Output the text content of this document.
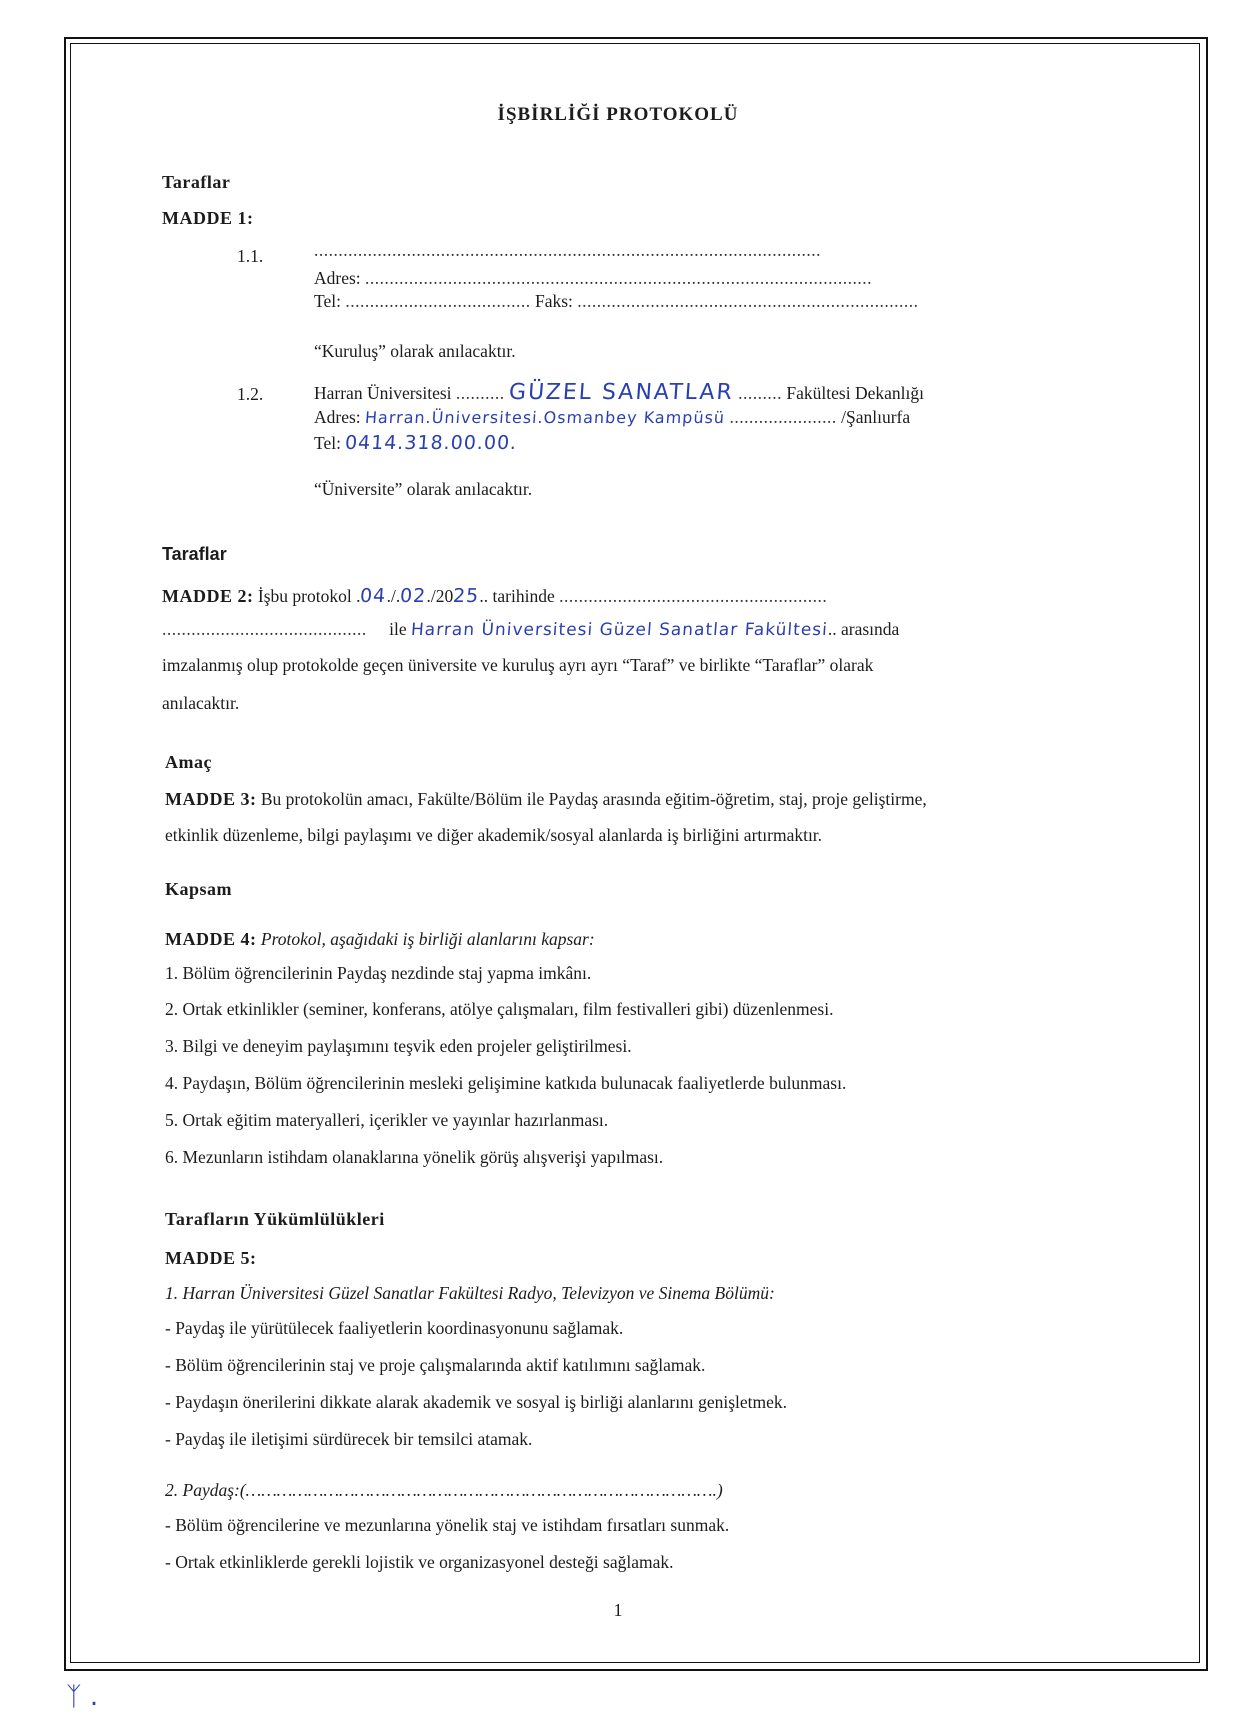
İŞBİRLİĞİ PROTOKOLÜ
Taraflar
MADDE 1:
1.1.	........................................................................................................
Adres: ........................................................................................................
Tel: ...................................... Faks: ......................................................................
“Kuruluş” olarak anılacaktır.
1.2.	Harran Üniversitesi .......... GÜZEL SANATLAR ......... Fakültesi Dekanlığı
Adres: Harran.Üniversitesi.Osmanbey Kampüsü ...................... /Şanlıurfa
Tel: 0414.318.00.00.
“Üniversite” olarak anılacaktır.
Taraflar
MADDE 2: İşbu protokol .04./.02./2025.. tarihinde .......................................................
.......................................... ile Harran Üniversitesi Güzel Sanatlar Fakültesi.. arasında
imzalanmış olup protokolde geçen üniversite ve kuruluş ayrı ayrı “Taraf” ve birlikte “Taraflar” olarak
anılacaktır.
Amaç
MADDE 3: Bu protokolün amacı, Fakülte/Bölüm ile Paydaş arasında eğitim-öğretim, staj, proje geliştirme,
etkinlik düzenleme, bilgi paylaşımı ve diğer akademik/sosyal alanlarda iş birliğini artırmaktır.
Kapsam
MADDE 4: Protokol, aşağıdaki iş birliği alanlarını kapsar:
1. Bölüm öğrencilerinin Paydaş nezdinde staj yapma imkânı.
2. Ortak etkinlikler (seminer, konferans, atölye çalışmaları, film festivalleri gibi) düzenlenmesi.
3. Bilgi ve deneyim paylaşımını teşvik eden projeler geliştirilmesi.
4. Paydaşın, Bölüm öğrencilerinin mesleki gelişimine katkıda bulunacak faaliyetlerde bulunması.
5. Ortak eğitim materyalleri, içerikler ve yayınlar hazırlanması.
6. Mezunların istihdam olanaklarına yönelik görüş alışverişi yapılması.
Tarafların Yükümlülükleri
MADDE 5:
1. Harran Üniversitesi Güzel Sanatlar Fakültesi Radyo, Televizyon ve Sinema Bölümü:
- Paydaş ile yürütülecek faaliyetlerin koordinasyonunu sağlamak.
- Bölüm öğrencilerinin staj ve proje çalışmalarında aktif katılımını sağlamak.
- Paydaşın önerilerini dikkate alarak akademik ve sosyal iş birliği alanlarını genişletmek.
- Paydaş ile iletişimi sürdürecek bir temsilci atamak.
2. Paydaş:(……………………………………………………………………………….)
- Bölüm öğrencilerine ve mezunlarına yönelik staj ve istihdam fırsatları sunmak.
- Ortak etkinliklerde gerekli lojistik ve organizasyonel desteği sağlamak.
1
ᛉ .
